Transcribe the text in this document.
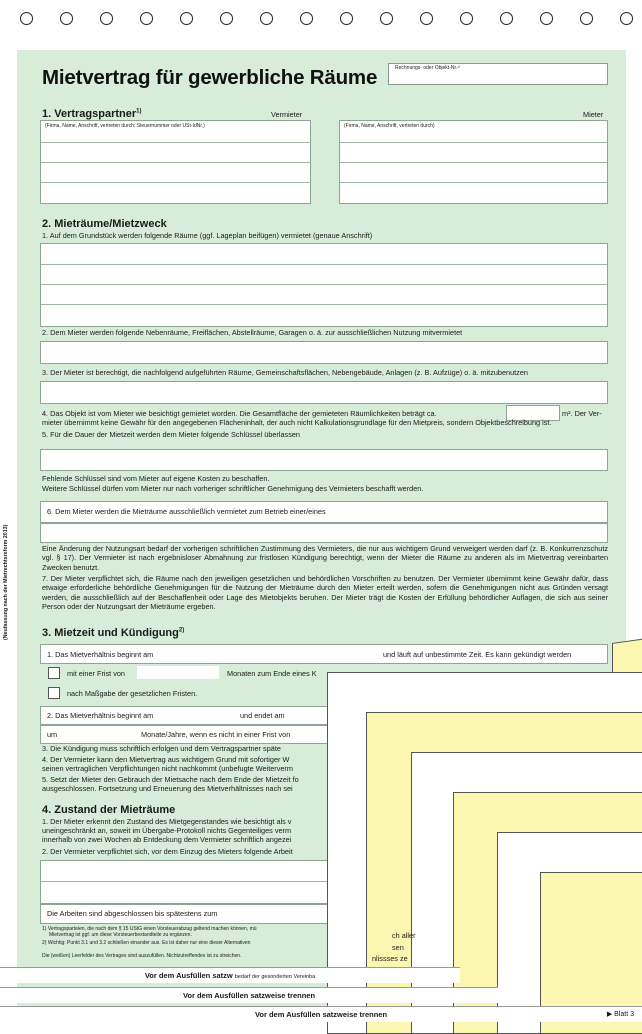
(Neufassung nach der Mietrechtsreform 2013)
Mietvertrag für gewerbliche Räume	Rechnungs- oder Objekt-Nr.¹⁾
1. Vertragspartner$^{1)}$	Vermieter	Mieter
(Firma, Name, Anschrift, vertreten durch; Steuernummer oder USt-IdNr.)	(Firma, Name, Anschrift, vertreten durch)
2. Mieträume/Mietzweck
1. Auf dem Grundstück werden folgende Räume (ggf. Lageplan beifügen) vermietet (genaue Anschrift)
2. Dem Mieter werden folgende Nebenräume, Freiflächen, Abstellräume, Garagen o. ä. zur ausschließlichen Nutzung mitvermietet
3. Der Mieter ist berechtigt, die nachfolgend aufgeführten Räume, Gemeinschaftsflächen, Nebengebäude, Anlagen (z. B. Aufzüge) o. ä. mitzubenutzen
4. Das Objekt ist vom Mieter wie besichtigt gemietet worden. Die Gesamtfläche der gemieteten Räumlichkeiten beträgt ca.	m². Der Ver-
mieter übernimmt keine Gewähr für den angegebenen Flächeninhalt, der auch nicht Kalkulationsgrundlage für den Mietpreis, sondern Objektbeschreibung ist.
5. Für die Dauer der Mietzeit werden dem Mieter folgende Schlüssel überlassen
Fehlende Schlüssel sind vom Mieter auf eigene Kosten zu beschaffen.
Weitere Schlüssel dürfen vom Mieter nur nach vorheriger schriftlicher Genehmigung des Vermieters beschafft werden.
6. Dem Mieter werden die Mieträume ausschließlich vermietet zum Betrieb einer/eines
Eine Änderung der Nutzungsart bedarf der vorherigen schriftlichen Zustimmung des Vermieters, die nur aus wichtigem Grund verweigert werden darf (z. B. Konkurrenzschutz vgl. § 17). Der Vermieter ist nach ergebnisloser Abmahnung zur fristlosen Kündigung berechtigt, wenn der Mieter die Räume zu anderen als im Mietvertrag vereinbarten Zwecken benutzt.
7. Der Mieter verpflichtet sich, die Räume nach den jeweiligen gesetzlichen und behördlichen Vorschriften zu benutzen. Der Vermieter übernimmt keine Gewähr dafür, dass etwaige erforderliche behördliche Genehmigungen für die Nutzung der Mieträume durch den Mieter erteilt werden, sofern die Genehmigungen nicht aus Gründen versagt werden, die ausschließlich auf der Beschaffenheit oder Lage des Mietobjekts beruhen. Der Mieter trägt die Kosten der Erfüllung behördlicher Auflagen, die sich aus seiner Person oder der Nutzungsart der Mieträume ergeben.
3. Mietzeit und Kündigung$^{2)}$
1. Das Mietverhältnis beginnt am	und läuft auf unbestimmte Zeit. Es kann gekündigt werden
mit einer Frist von	Monaten zum Ende eines K
nach Maßgabe der gesetzlichen Fristen.
2. Das Mietverhältnis beginnt am	und endet am
um	Monate/Jahre, wenn es nicht in einer Frist von
3. Die Kündigung muss schriftlich erfolgen und dem Vertragspartner späte
4. Der Vermieter kann den Mietvertrag aus wichtigem Grund mit sofortiger W
seinen vertraglichen Verpflichtungen nicht nachkommt (unbefugte Weiterverm
5. Setzt der Mieter den Gebrauch der Mietsache nach dem Ende der Mietzeit fo
ausgeschlossen. Fortsetzung und Erneuerung des Mietverhältnisses nach sei
4. Zustand der Mieträume
1. Der Mieter erkennt den Zustand des Mietgegenstandes wie besichtigt als v
uneingeschränkt an, soweit im Übergabe-Protokoll nichts Gegenteiliges verm
innerhalb von zwei Wochen ab Entdeckung dem Vermieter schriftlich angezei
2. Der Vermieter verpflichtet sich, vor dem Einzug des Mieters folgende Arbeit
Die Arbeiten sind abgeschlossen bis spätestens zum
1) Vertragsparteien, die nach dem § 15 UStG einen Vorsteuerabzug geltend machen können, mü
Mietvertrag ist ggf. um diese Vorsteuerbestandteile zu ergänzen.
2) Wichtig: Punkt 3.1 und 3.2 schließen einander aus. Es ist daher nur eine dieser Alternativen
Die (weißen) Leerfelder des Vertrages sind auszufüllen. Nichtzutreffendes ist zu streichen.
ch aller
sen
nlissses ze
Vor dem Ausfüllen satzw bedarf der gesonderten Vereinba
Vor dem Ausfüllen satzweise trennen
Vor dem Ausfüllen satzweise trennen	▶ Blatt 3
